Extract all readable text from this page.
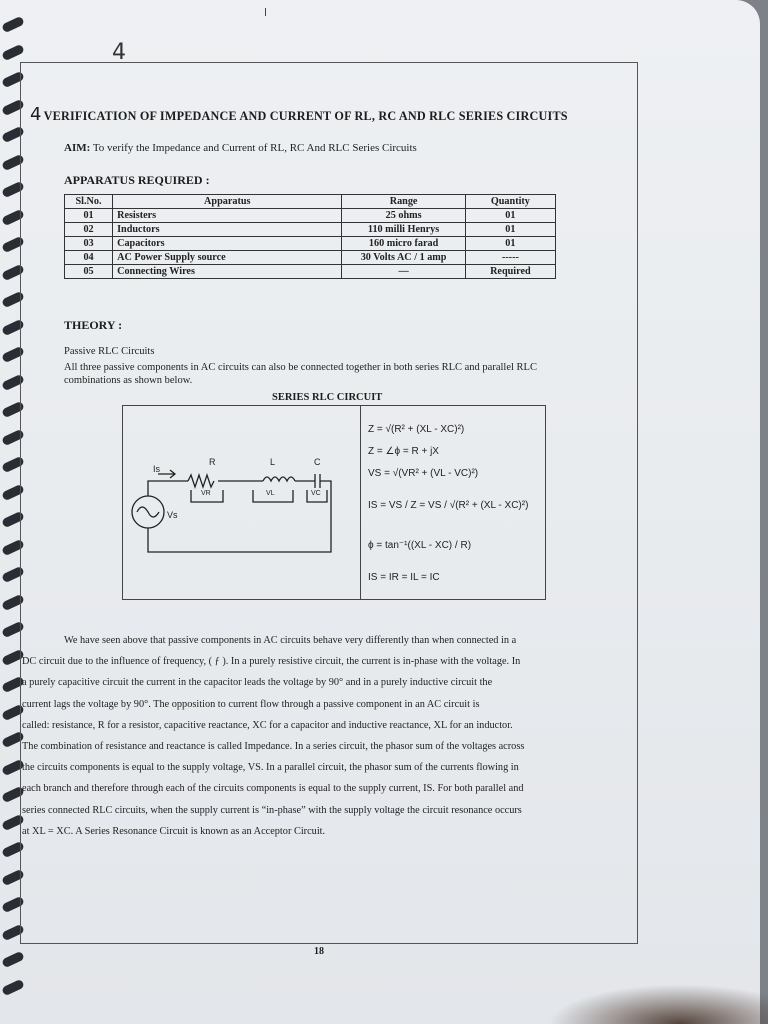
4
4 VERIFICATION OF IMPEDANCE AND CURRENT OF RL, RC AND RLC SERIES CIRCUITS
AIM: To verify the Impedance and Current of RL, RC And RLC Series Circuits
APPARATUS REQUIRED :
Sl.No.	Apparatus	Range	Quantity
01	Resisters	25 ohms	01
02	Inductors	110 milli Henrys	01
03	Capacitors	160 micro farad	01
04	AC Power Supply source	30 Volts AC / 1 amp	-----
05	Connecting Wires	—	Required
THEORY :
Passive RLC Circuits
All three passive components in AC circuits can also be connected together in both series RLC and parallel RLC combinations as shown below.
SERIES RLC CIRCUIT
Is
R	L	C
VR	VL	VC
Vs
Z = √(R² + (XL - XC)²)
Z = ∠ϕ = R + jX
VS = √(VR² + (VL - VC)²)
IS = VS / Z = VS / √(R² + (XL - XC)²)
ϕ = tan⁻¹((XL - XC) / R)
IS = IR = IL = IC

We have seen above that passive components in AC circuits behave very differently than when connected in a

DC circuit due to the influence of frequency, ( ƒ ). In a purely resistive circuit, the current is in-phase with the voltage. In

a purely capacitive circuit the current in the capacitor leads the voltage by 90° and in a purely inductive circuit the

current lags the voltage by 90°. The opposition to current flow through a passive component in an AC circuit is

called: resistance, R for a resistor, capacitive reactance, XC for a capacitor and inductive reactance, XL for an inductor.

The combination of resistance and reactance is called Impedance. In a series circuit, the phasor sum of the voltages across

the circuits components is equal to the supply voltage, VS. In a parallel circuit, the phasor sum of the currents flowing in

each branch and therefore through each of the circuits components is equal to the supply current, IS. For both parallel and

series connected RLC circuits, when the supply current is “in-phase” with the supply voltage the circuit resonance occurs

at XL = XC. A Series Resonance Circuit is known as an Acceptor Circuit.

18
